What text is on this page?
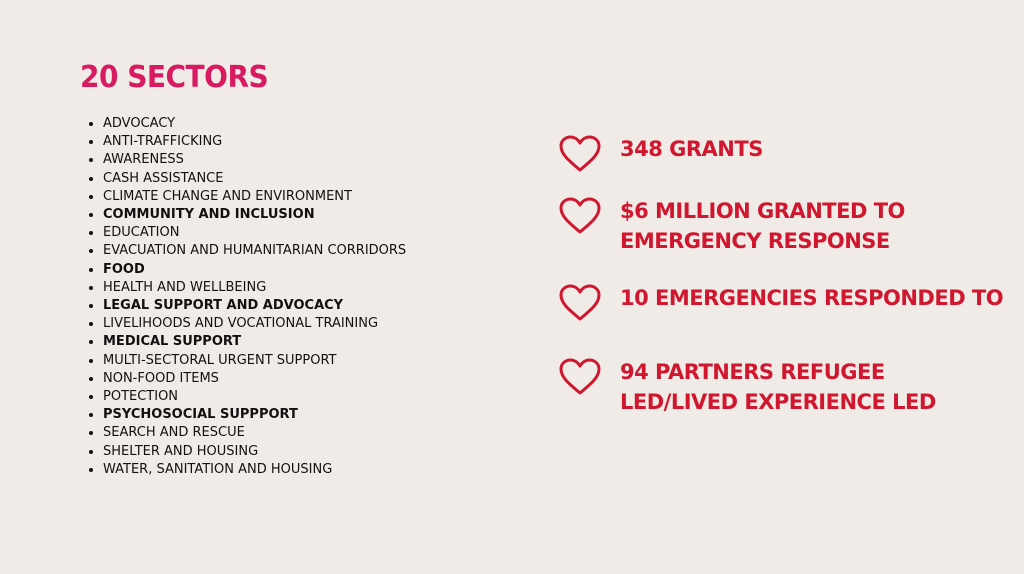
20 SECTORS
• ADVOCACY
• ANTI-TRAFFICKING
• AWARENESS
• CASH ASSISTANCE
• CLIMATE CHANGE AND ENVIRONMENT
• COMMUNITY AND INCLUSION
• EDUCATION
• EVACUATION AND HUMANITARIAN CORRIDORS
• FOOD
• HEALTH AND WELLBEING
• LEGAL SUPPORT AND ADVOCACY
• LIVELIHOODS AND VOCATIONAL TRAINING
• MEDICAL SUPPORT
• MULTI-SECTORAL URGENT SUPPORT
• NON-FOOD ITEMS
• POTECTION
• PSYCHOSOCIAL SUPPPORT
• SEARCH AND RESCUE
• SHELTER AND HOUSING
• WATER, SANITATION AND HOUSING
348 GRANTS
$6 MILLION GRANTED TO
EMERGENCY RESPONSE
10 EMERGENCIES RESPONDED TO
94 PARTNERS REFUGEE
LED/LIVED EXPERIENCE LED
